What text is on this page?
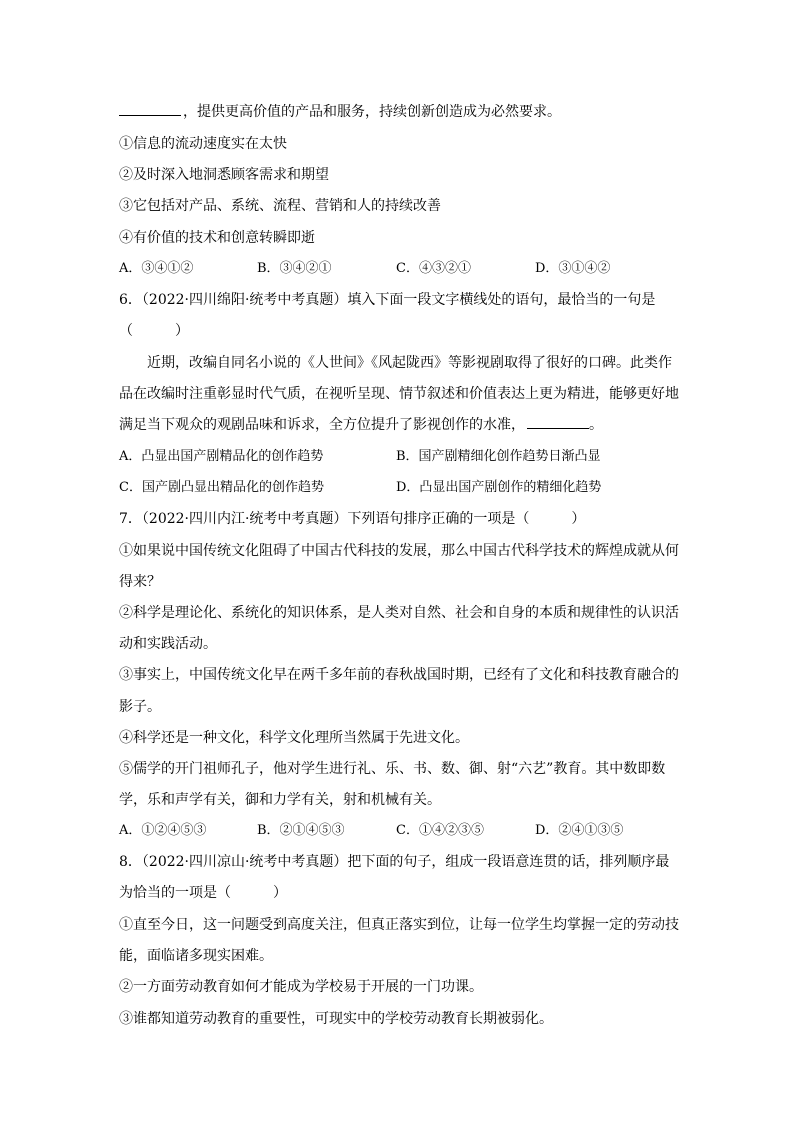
，提供更高价值的产品和服务，持续创新创造成为必然要求。
①信息的流动速度实在太快
②及时深入地洞悉顾客需求和期望
③它包括对产品、系统、流程、营销和人的持续改善
④有价值的技术和创意转瞬即逝
A．③④①②	B．③④②①	C．④③②①	D．③①④②
6．（2022·四川绵阳·统考中考真题）填入下面一段文字横线处的语句，最恰当的一句是
（　　　）
近期，改编自同名小说的《人世间》《风起陇西》等影视剧取得了很好的口碑。此类作
品在改编时注重彰显时代气质，在视听呈现、情节叙述和价值表达上更为精进，能够更好地
满足当下观众的观剧品味和诉求，全方位提升了影视创作的水准，	。
A．凸显出国产剧精品化的创作趋势	B．国产剧精细化创作趋势日渐凸显
C．国产剧凸显出精品化的创作趋势	D．凸显出国产剧创作的精细化趋势
7．（2022·四川内江·统考中考真题）下列语句排序正确的一项是（　　　）
①如果说中国传统文化阻碍了中国古代科技的发展，那么中国古代科学技术的辉煌成就从何
得来？
②科学是理论化、系统化的知识体系，是人类对自然、社会和自身的本质和规律性的认识活
动和实践活动。
③事实上，中国传统文化早在两千多年前的春秋战国时期，已经有了文化和科技教育融合的
影子。
④科学还是一种文化，科学文化理所当然属于先进文化。
⑤儒学的开门祖师孔子，他对学生进行礼、乐、书、数、御、射“六艺”教育。其中数即数
学，乐和声学有关，御和力学有关，射和机械有关。
A．①②④⑤③	B．②①④⑤③	C．①④②③⑤	D．②④①③⑤
8．（2022·四川凉山·统考中考真题）把下面的句子，组成一段语意连贯的话，排列顺序最
为恰当的一项是（　　　）
①直至今日，这一问题受到高度关注，但真正落实到位，让每一位学生均掌握一定的劳动技
能，面临诸多现实困难。
②一方面劳动教育如何才能成为学校易于开展的一门功课。
③谁都知道劳动教育的重要性，可现实中的学校劳动教育长期被弱化。
